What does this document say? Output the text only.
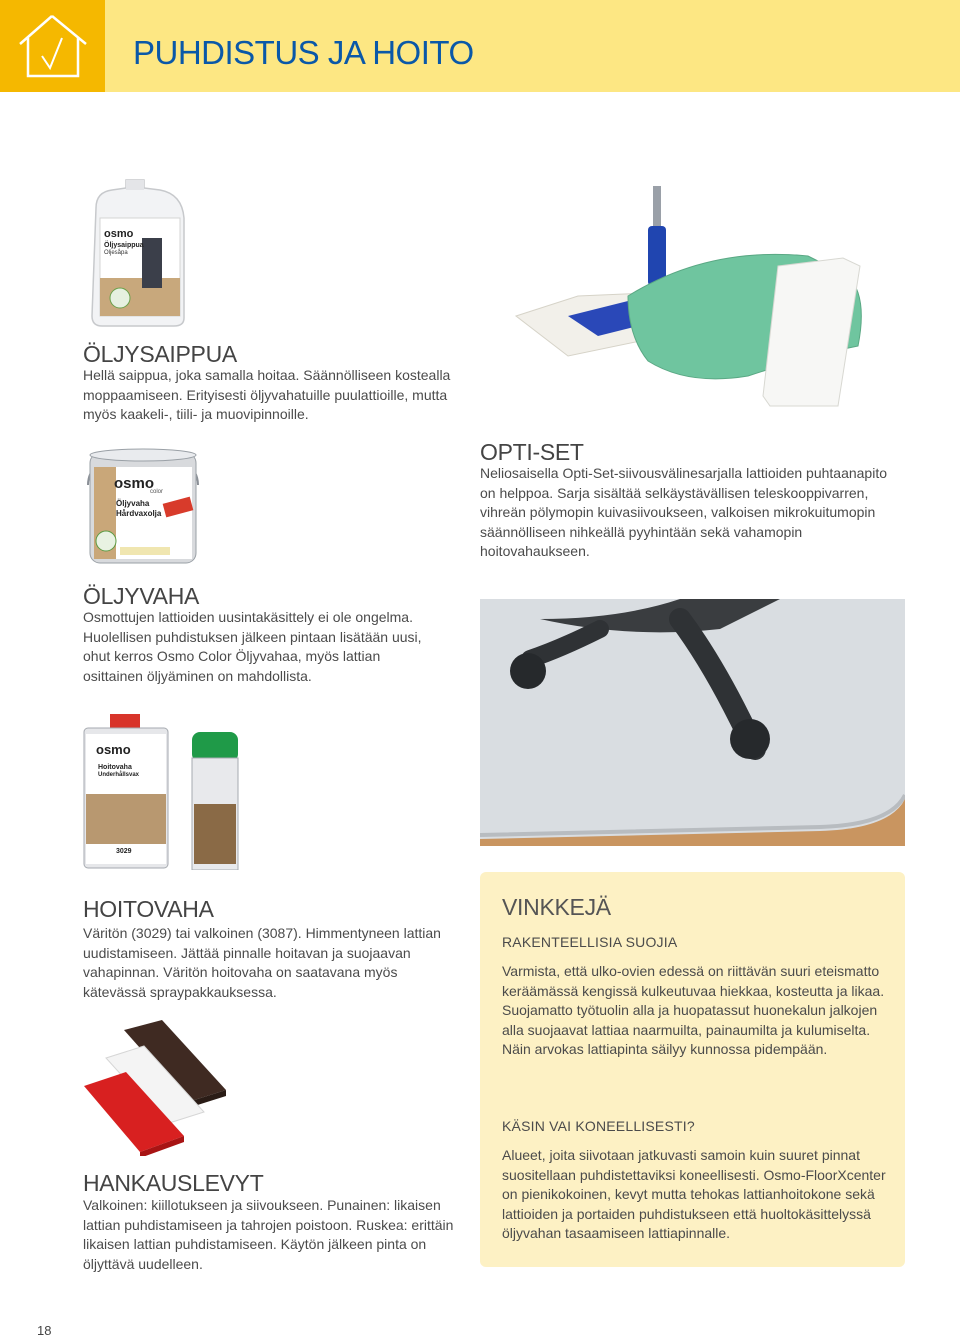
PUHDISTUS JA HOITO
osmo
Öljysaippua
Oljesåpa
ÖLJYSAIPPUA

Hellä saippua, joka samalla hoitaa. Säännölliseen kostealla moppaamiseen. Erityisesti öljyvahatuille puulattioille, mutta myös kaakeli-, tiili- ja muovipinnoille.

OPTI-SET

Neliosaisella Opti-Set-siivousvälinesarjalla lattioiden puhtaanapito on helppoa. Sarja sisältää selkäystävällisen teleskooppivarren, vihreän pölymopin kuivasiivoukseen, valkoisen mikrokuitumopin säännölliseen nihkeällä pyyhintään sekä vahamopin hoitovahaukseen.

osmo
color
Öljyvaha
Hårdvaxolja
ÖLJYVAHA

Osmottujen lattioiden uusintakäsittely ei ole ongelma. Huolellisen puhdistuksen jälkeen pintaan lisätään uusi, ohut kerros Osmo Color Öljyvahaa, myös lattian osittainen öljyäminen on mahdollista.

osmo
Hoitovaha
Underhållsvax
3029
HOITOVAHA

Väritön (3029) tai valkoinen (3087). Himmentyneen lattian uudistamiseen. Jättää pinnalle hoitavan ja suojaavan vahapinnan. Väritön hoitovaha on saatavana myös kätevässä spraypakkauksessa.

HANKAUSLEVYT

Valkoinen: kiillotukseen ja siivoukseen. Punainen: likaisen lattian puhdistamiseen ja tahrojen poistoon. Ruskea: erittäin likaisen lattian puhdistamiseen. Käytön jälkeen pinta on öljyttävä uudelleen.

VINKKEJÄ
RAKENTEELLISIA SUOJIA

Varmista, että ulko-ovien edessä on riittävän suuri eteismatto keräämässä kengissä kulkeutuvaa hiekkaa, kosteutta ja likaa. Suojamatto työtuolin alla ja huopatassut huonekalun jalkojen alla suojaavat lattiaa naarmuilta, painaumilta ja kulumiselta. Näin arvokas lattiapinta säilyy kunnossa pidempään.

KÄSIN VAI KONEELLISESTI?

Alueet, joita siivotaan jatkuvasti samoin kuin suuret pinnat suositellaan puhdistettaviksi koneellisesti. Osmo-FloorXcenter on pienikokoinen, kevyt mutta tehokas lattianhoitokone sekä lattioiden ja portaiden puhdistukseen että huoltokäsittelyssä öljyvahan tasaamiseen lattiapinnalle.

18
